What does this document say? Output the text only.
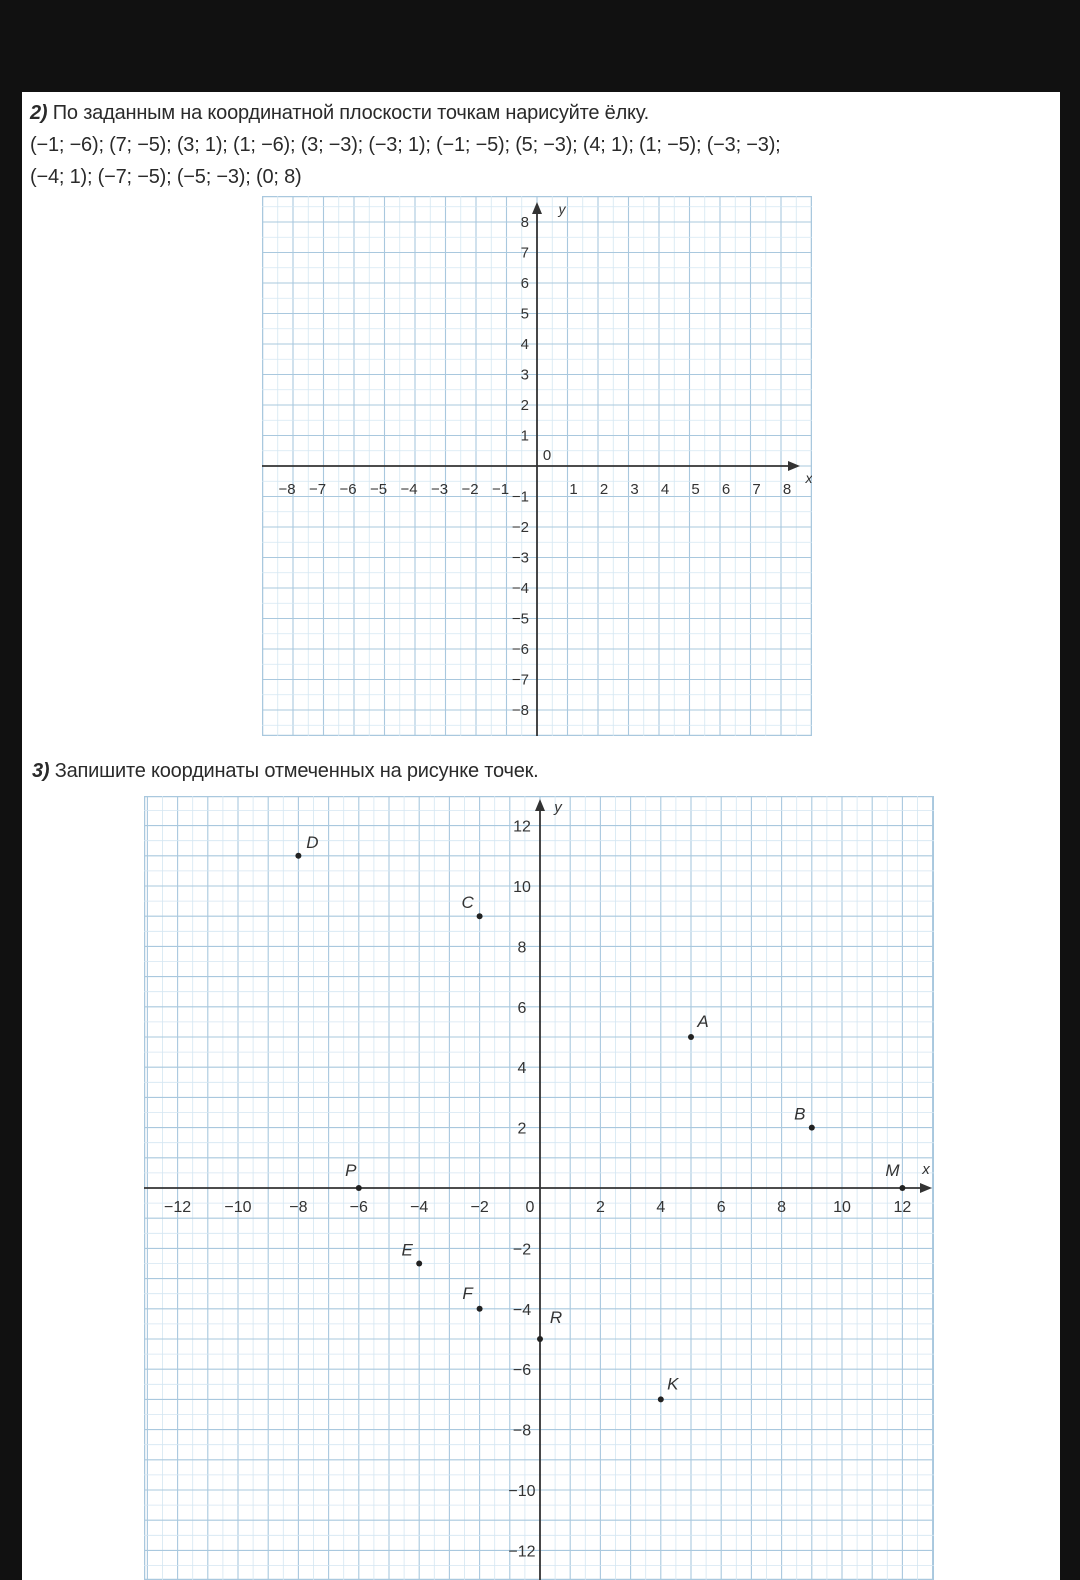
2) По заданным на координатной плоскости точкам нарисуйте ёлку.

(−1; −6); (7; −5); (3; 1); (1; −6); (3; −3); (−3; 1); (−1; −5); (5; −3); (4; 1); (1; −5); (−3; −3);

(−4; 1); (−7; −5); (−5; −3); (0; 8)

x
y
0
−8 −7 −6 −5 −4 −3 −2 −1	1 2 3 4 5 6 7 8
8
7
6
5
4
3
2
1
−1
−2
−3
−4
−5
−6
−7
−8

3) Запишите координаты отмеченных на рисунке точек.

x
y
0
−12 −10 −8	−6	−4	−2	2	4	6	8	10	12
12
10
8
6
4
2
−2
−4
−6
−8
−10
−12
D
C
A
B
P	M
E
F
R
K
